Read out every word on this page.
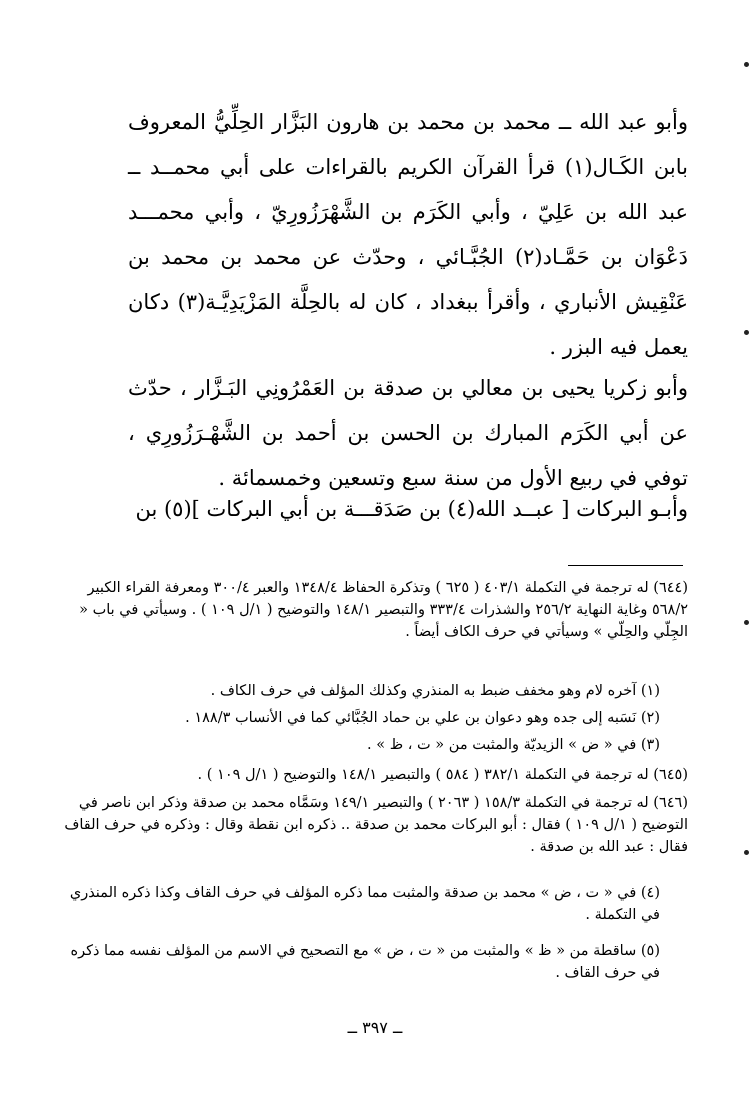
وأبو عبد الله ــ محمد بن محمد بن هارون البَزَّار الحِلِّيُّ المعروف بابن الكَـال(١) قرأ القرآن الكريم بالقراءات على أبي محمــد ــ عبد الله بن عَلِيّ ، وأبي الكَرَم بن الشَّهْرَزُورِيّ ، وأبي محمـــد دَعْوَان بن حَمَّـاد(٢) الجُبَّـائي ، وحدّث عن محمد بن محمد بن عَنْقِيش الأنباري ، وأقرأ ببغداد ، كان له بالحِلَّة المَزْيَدِيَّـة(٣) دكان يعمل فيه البزر .
وأبو زكريا يحيى بن معالي بن صدقة بن العَمْرُونِي البَـزَّار ، حدّث عن أبي الكَرَم المبارك بن الحسن بن أحمد بن الشَّهْـرَزُورِي ، توفي في ربيع الأول من سنة سبع وتسعين وخمسمائة .
وأبـو البركات [ عبــد الله(٤) بن صَدَقـــة بن أبي البركات ](٥) بن
(٦٤٤) له ترجمة في التكملة ٤٠٣/١ ( ٦٢٥ ) وتذكرة الحفاظ ١٣٤٨/٤ والعبر ٣٠٠/٤ ومعرفة القراء الكبير ٥٦٨/٢ وغاية النهاية ٢٥٦/٢ والشذرات ٣٣٣/٤ والتبصير ١٤٨/١ والتوضيح ( ١/ل ١٠٩ ) . وسيأتي في باب « الجِلّي والحِلّي » وسيأتي في حرف الكاف أيضاً .
(١) آخره لام وهو مخفف ضبط به المنذري وكذلك المؤلف في حرف الكاف .
(٢) نَسَبه إلى جده وهو دعوان بن علي بن حماد الجُبَّائي كما في الأنساب ١٨٨/٣ .
(٣) في « ض » الزيديّة والمثبت من « ت ، ظ » .
(٦٤٥) له ترجمة في التكملة ٣٨٢/١ ( ٥٨٤ ) والتبصير ١٤٨/١ والتوضيح ( ١/ل ١٠٩ ) .
(٦٤٦) له ترجمة في التكملة ١٥٨/٣ ( ٢٠٦٣ ) والتبصير ١٤٩/١ وسَمَّاه محمد بن صدقة وذكر ابن ناصر في التوضيح ( ١/ل ١٠٩ ) فقال : أبو البركات محمد بن صدقة .. ذكره ابن نقطة وقال : وذكره في حرف القاف فقال : عبد الله بن صدقة .
(٤) في « ت ، ض » محمد بن صدقة والمثبت مما ذكره المؤلف في حرف القاف وكذا ذكره المنذري في التكملة .
(٥) ساقطة من « ظ » والمثبت من « ت ، ض » مع التصحيح في الاسم من المؤلف نفسه مما ذكره في حرف القاف .
ــ ٣٩٧ ــ
